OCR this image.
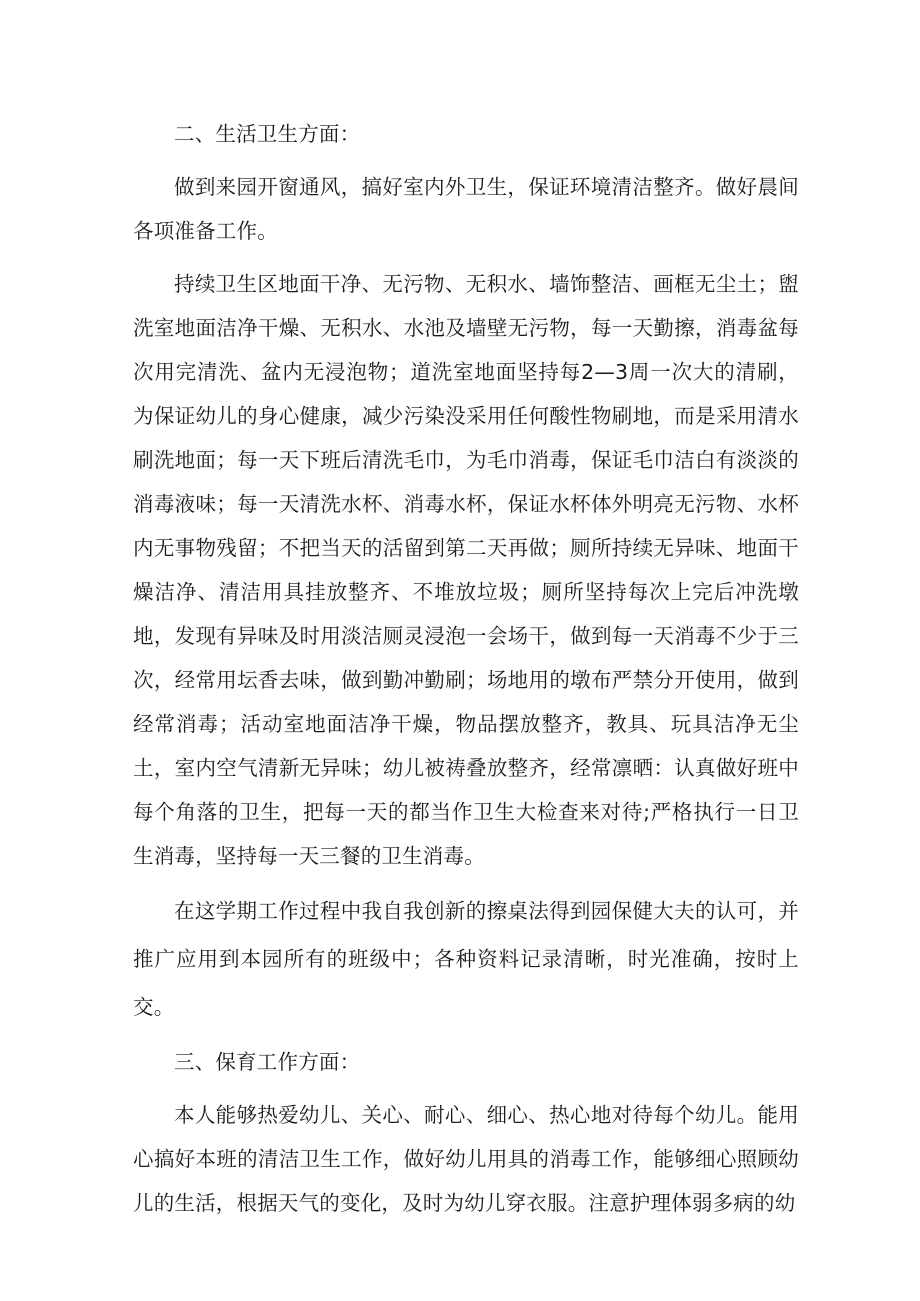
二、生活卫生方面：

做到来园开窗通风，搞好室内外卫生，保证环境清洁整齐。做好晨间各项准备工作。

持续卫生区地面干净、无污物、无积水、墙饰整洁、画框无尘土；盥洗室地面洁净干燥、无积水、水池及墙壁无污物，每一天勤擦，消毒盆每次用完清洗、盆内无浸泡物；道洗室地面坚持每2—3周一次大的清刷，为保证幼儿的身心健康，减少污染没采用任何酸性物刷地，而是采用清水刷洗地面；每一天下班后清洗毛巾，为毛巾消毒，保证毛巾洁白有淡淡的消毒液味；每一天清洗水杯、消毒水杯，保证水杯体外明亮无污物、水杯内无事物残留；不把当天的活留到第二天再做；厕所持续无异味、地面干燥洁净、清洁用具挂放整齐、不堆放垃圾；厕所坚持每次上完后冲洗墩地，发现有异味及时用淡洁厕灵浸泡一会场干，做到每一天消毒不少于三次，经常用坛香去味，做到勤冲勤刷；场地用的墩布严禁分开使用，做到经常消毒；活动室地面洁净干燥，物品摆放整齐，教具、玩具洁净无尘土，室内空气清新无异味；幼儿被祷叠放整齐，经常凛晒：认真做好班中每个角落的卫生，把每一天的都当作卫生大检查来对待;严格执行一日卫生消毒，坚持每一天三餐的卫生消毒。

在这学期工作过程中我自我创新的擦桌法得到园保健大夫的认可，并推广应用到本园所有的班级中；各种资料记录清晰，时光准确，按时上交。

三、保育工作方面：

本人能够热爱幼儿、关心、耐心、细心、热心地对待每个幼儿。能用心搞好本班的清洁卫生工作，做好幼儿用具的消毒工作，能够细心照顾幼儿的生活，根据天气的变化，及时为幼儿穿衣服。注意护理体弱多病的幼
